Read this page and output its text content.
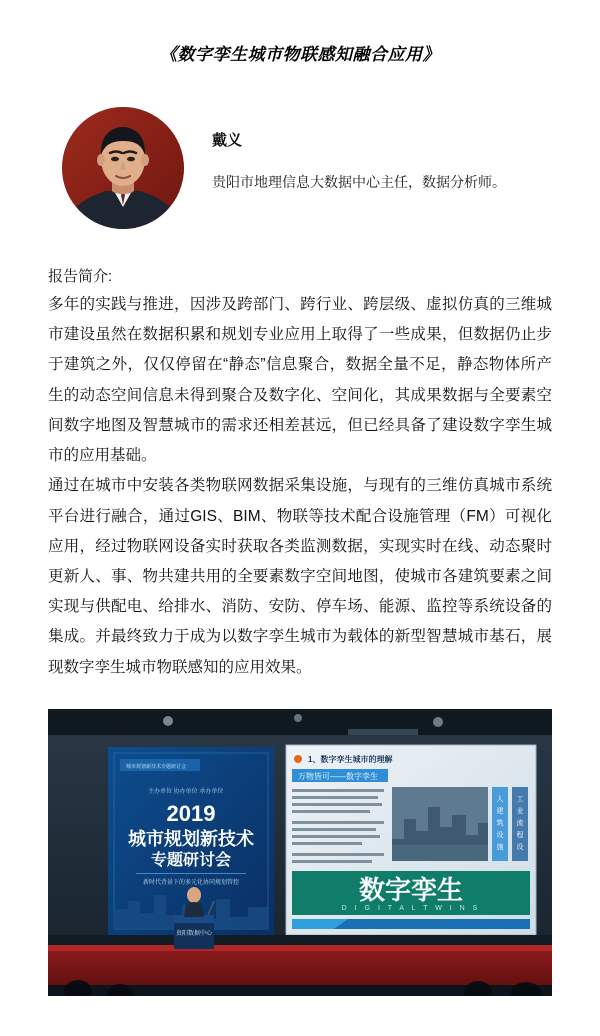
《数字孪生城市物联感知融合应用》
戴义
贵阳市地理信息大数据中心主任，数据分析师。
报告简介:

多年的实践与推进，因涉及跨部门、跨行业、跨层级、虚拟仿真的三维城市建设虽然在数据积累和规划专业应用上取得了一些成果，但数据仍止步于建筑之外，仅仅停留在“静态”信息聚合，数据全量不足，静态物体所产生的动态空间信息未得到聚合及数字化、空间化，其成果数据与全要素空间数字地图及智慧城市的需求还相差甚远，但已经具备了建设数字孪生城市的应用基础。

通过在城市中安装各类物联网数据采集设施，与现有的三维仿真城市系统平台进行融合，通过GIS、BIM、物联等技术配合设施管理（FM）可视化应用，经过物联网设备实时获取各类监测数据，实现实时在线、动态聚时更新人、事、物共建共用的全要素数字空间地图，使城市各建筑要素之间实现与供配电、给排水、消防、安防、停车场、能源、监控等系统设备的集成。并最终致力于成为以数字孪生城市为载体的新型智慧城市基石，展现数字孪生城市物联感知的应用效果。

城市规划新技术专题研讨会
主办单位 协办单位 承办单位
2019
城市规划新技术
专题研讨会
新时代背景下的多元化协同规划管控
1、数字孪生城市的理解
万物皆可——数字孪生
人
建
筑
设
施
工
业
流
程
设
数字孪生
D I G I T A L T W I N S
贵阳数据中心
